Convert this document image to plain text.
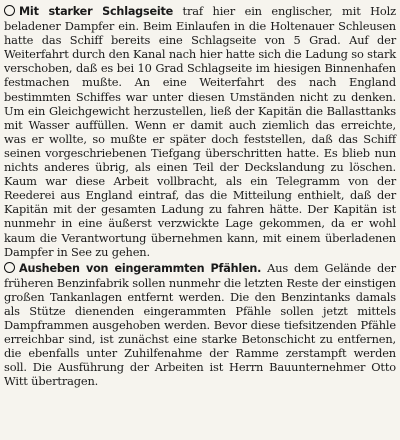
Mit starker Schlagseite traf hier ein englischer, mit Holz beladener Dampfer ein. Beim Einlaufen in die Holtenauer Schleusen hatte das Schiff bereits eine Schlagseite von 5 Grad. Auf der Weiterfahrt durch den Kanal nach hier hatte sich die Ladung so stark verschoben, daß es bei 10 Grad Schlagseite im hiesigen Binnenhafen festmachen mußte. An eine Weiterfahrt des nach England bestimmten Schiffes war unter diesen Umständen nicht zu denken. Um ein Gleichgewicht herzustellen, ließ der Kapitän die Ballasttanks mit Wasser auffüllen. Wenn er damit auch ziemlich das erreichte, was er wollte, so mußte er später doch feststellen, daß das Schiff seinen vorgeschriebenen Tiefgang überschritten hatte. Es blieb nun nichts anderes übrig, als einen Teil der Deckslandung zu löschen. Kaum war diese Arbeit vollbracht, als ein Telegramm von der Reederei aus England eintraf, das die Mitteilung enthielt, daß der Kapitän mit der gesamten Ladung zu fahren hätte. Der Kapitän ist nunmehr in eine äußerst verzwickte Lage gekommen, da er wohl kaum die Verantwortung übernehmen kann, mit einem überladenen Dampfer in See zu gehen.

Ausheben von eingerammten Pfählen. Aus dem Gelände der früheren Benzinfabrik sollen nunmehr die letzten Reste der einstigen großen Tankanlagen entfernt werden. Die den Benzintanks damals als Stütze dienenden eingerammten Pfähle sollen jetzt mittels Dampframmen ausgehoben werden. Bevor diese tiefsitzenden Pfähle erreichbar sind, ist zunächst eine starke Betonschicht zu entfernen, die ebenfalls unter Zuhilfenahme der Ramme zerstampft werden soll. Die Ausführung der Arbeiten ist Herrn Bauunternehmer Otto Witt übertragen.
